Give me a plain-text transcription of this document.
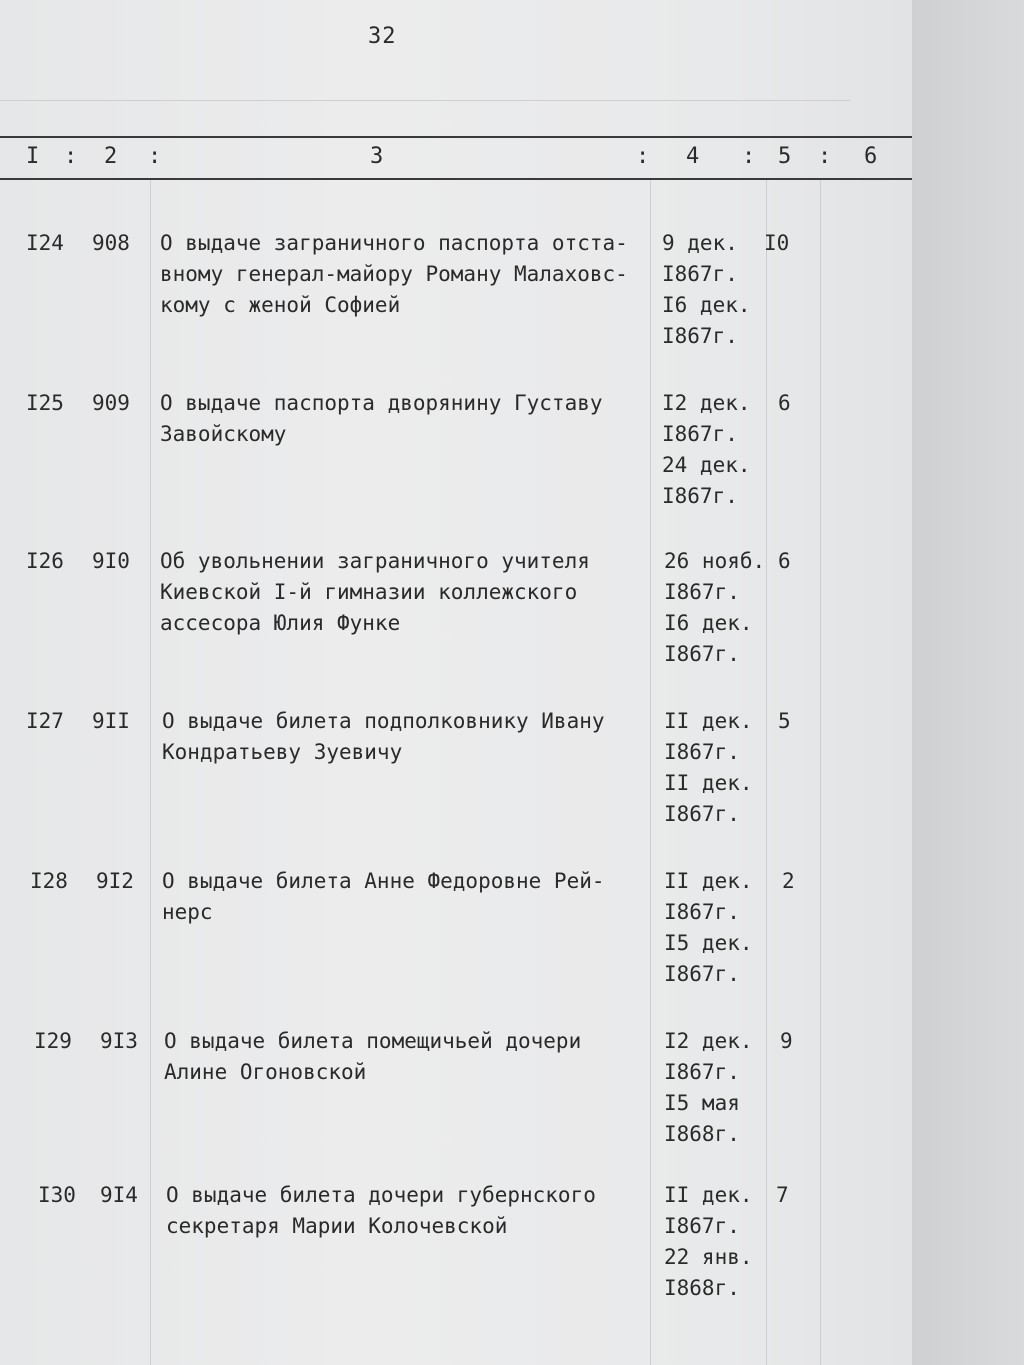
32
I : 2 :	3	: 4 : 5 : 6
I24 908 О выдаче заграничного паспорта отста-
вному генерал-майору Роману Малаховс-
кому с женой Софией
9 дек.
I867г.
I6 дек.
I867г.
I0
I25 909 О выдаче паспорта дворянину Густаву
Завойскому
I2 дек.
I867г.
24 дек.
I867г.
6
I26 9I0 Об увольнении заграничного учителя
Киевской I-й гимназии коллежского
ассесора Юлия Функе
26 нояб.
I867г.
I6 дек.
I867г.
6
I27 9II О выдаче билета подполковнику Ивану
Кондратьеву Зуевичу
II дек.
I867г.
II дек.
I867г.
5
I28 9I2 О выдаче билета Анне Федоровне Рей-
нерс
II дек.
I867г.
I5 дек.
I867г.
2
I29 9I3 О выдаче билета помещичьей дочери
Алине Огоновской
I2 дек.
I867г.
I5 мая
I868г.
9
I30 9I4 О выдаче билета дочери губернского
секретаря Марии Колочевской
II дек.
I867г.
22 янв.
I868г.
7
